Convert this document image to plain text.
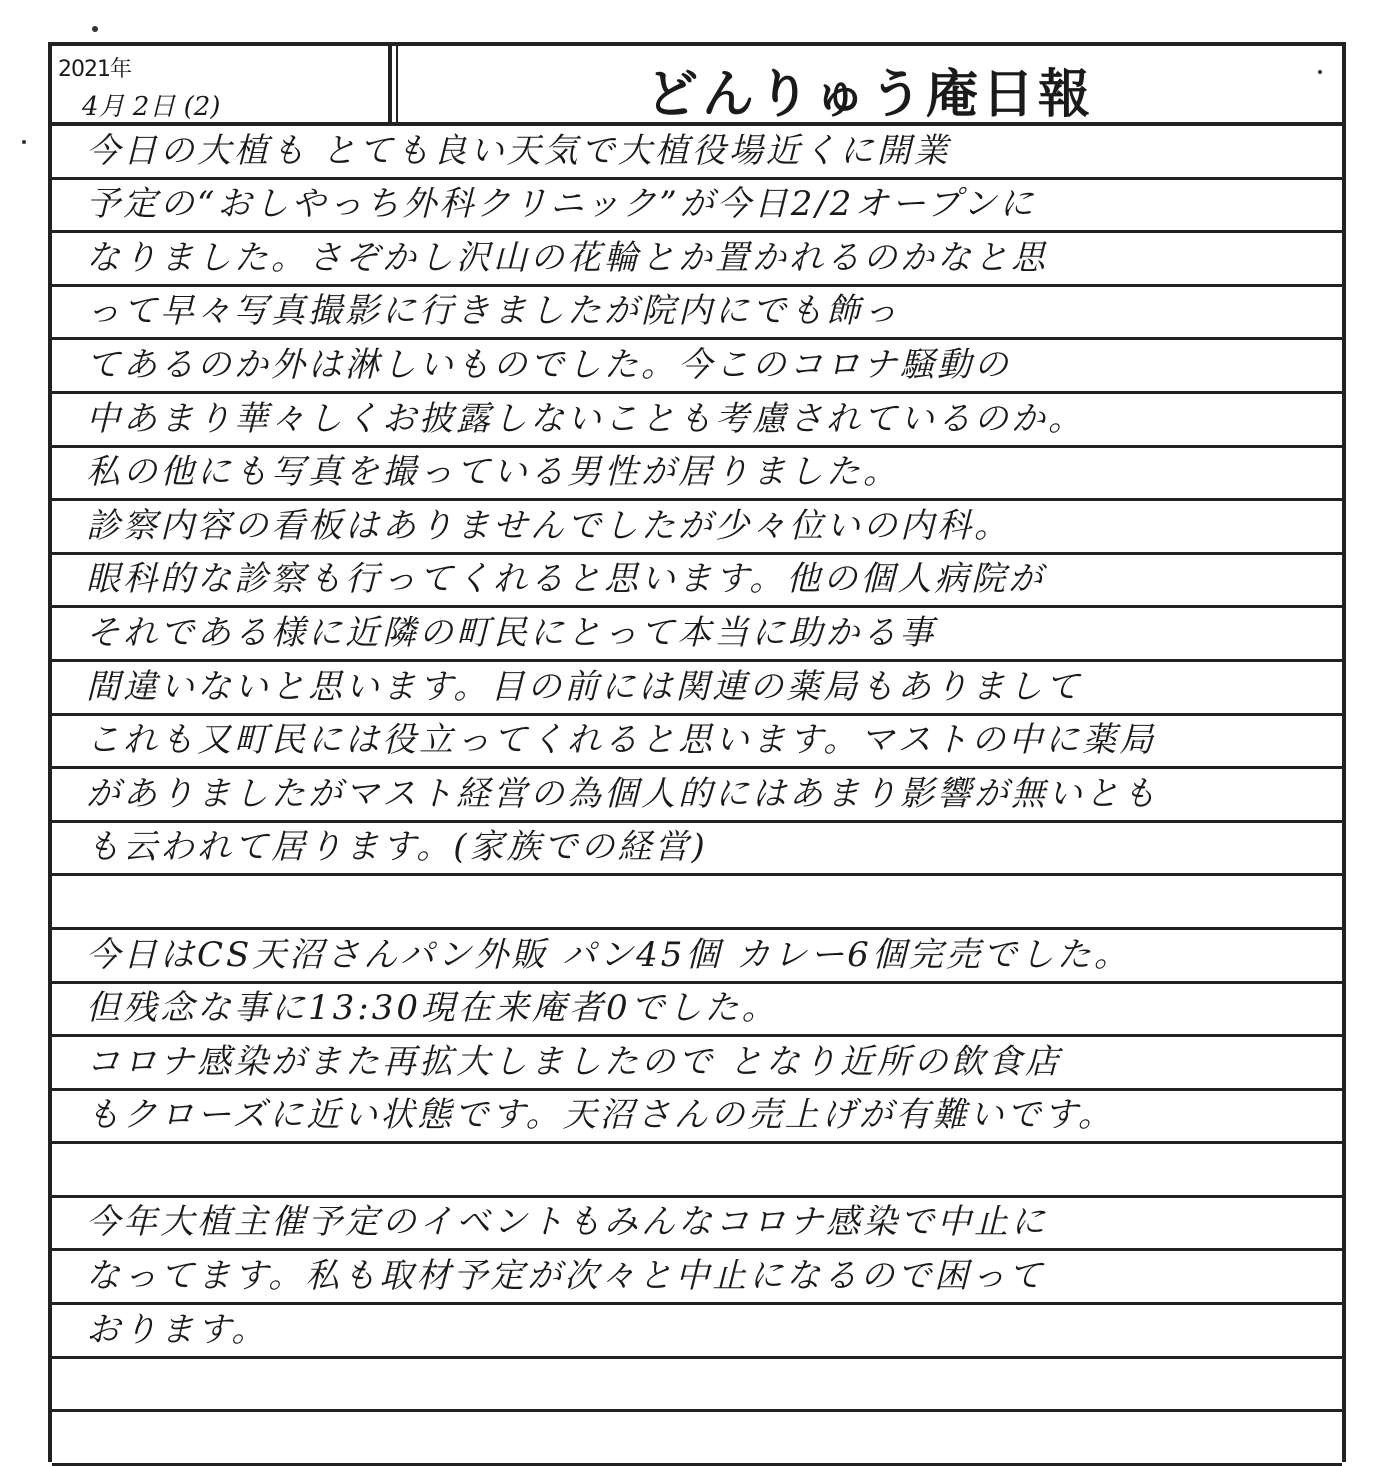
2021年
4月 2日 (2)	どんりゅう庵日報
今日の大植も とても良い天気で大植役場近くに開業
予定の“おしやっち外科クリニック”が今日2/2オープンに
なりました。さぞかし沢山の花輪とか置かれるのかなと思
って早々写真撮影に行きましたが院内にでも飾っ
てあるのか外は淋しいものでした。今このコロナ騒動の
中あまり華々しくお披露しないことも考慮されているのか。
私の他にも写真を撮っている男性が居りました。
診察内容の看板はありませんでしたが少々位いの内科。
眼科的な診察も行ってくれると思います。他の個人病院が
それである様に近隣の町民にとって本当に助かる事
間違いないと思います。目の前には関連の薬局もありまして
これも又町民には役立ってくれると思います。マストの中に薬局
がありましたがマスト経営の為個人的にはあまり影響が無いとも
も云われて居ります。(家族での経営)
今日はCS天沼さんパン外販 パン45個 カレー6個完売でした。
但残念な事に13:30現在来庵者0でした。
コロナ感染がまた再拡大しましたので となり近所の飲食店
もクローズに近い状態です。天沼さんの売上げが有難いです。
今年大植主催予定のイベントもみんなコロナ感染で中止に
なってます。私も取材予定が次々と中止になるので困って
おります。
